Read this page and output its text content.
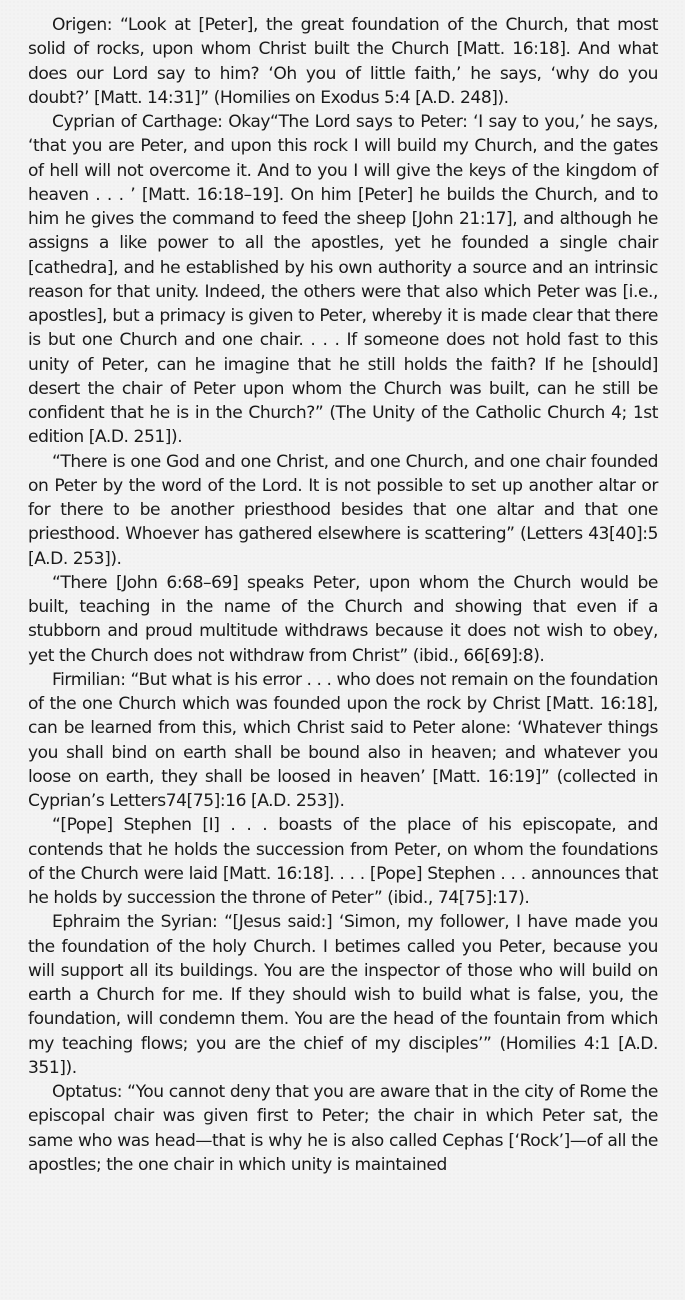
Origen: “Look at [Peter], the great foundation of the Church, that most solid of rocks, upon whom Christ built the Church [Matt. 16:18]. And what does our Lord say to him? ‘Oh you of little faith,’ he says, ‘why do you doubt?’ [Matt. 14:31]” (Homilies on Exodus 5:4 [A.D. 248]).

Cyprian of Carthage: Okay“The Lord says to Peter: ‘I say to you,’ he says, ‘that you are Peter, and upon this rock I will build my Church, and the gates of hell will not overcome it. And to you I will give the keys of the kingdom of heaven . . . ’ [Matt. 16:18–19]. On him [Peter] he builds the Church, and to him he gives the command to feed the sheep [John 21:17], and although he assigns a like power to all the apostles, yet he founded a single chair [cathedra], and he established by his own authority a source and an intrinsic reason for that unity. Indeed, the others were that also which Peter was [i.e., apostles], but a primacy is given to Peter, whereby it is made clear that there is but one Church and one chair. . . . If someone does not hold fast to this unity of Peter, can he imagine that he still holds the faith? If he [should] desert the chair of Peter upon whom the Church was built, can he still be confident that he is in the Church?” (The Unity of the Catholic Church 4; 1st edition [A.D. 251]).

“There is one God and one Christ, and one Church, and one chair founded on Peter by the word of the Lord. It is not possible to set up another altar or for there to be another priesthood besides that one altar and that one priesthood. Whoever has gathered elsewhere is scattering” (Letters 43[40]:5 [A.D. 253]).

“There [John 6:68–69] speaks Peter, upon whom the Church would be built, teaching in the name of the Church and showing that even if a stubborn and proud multitude withdraws because it does not wish to obey, yet the Church does not withdraw from Christ” (ibid., 66[69]:8).

Firmilian: “But what is his error . . . who does not remain on the foundation of the one Church which was founded upon the rock by Christ [Matt. 16:18], can be learned from this, which Christ said to Peter alone: ‘Whatever things you shall bind on earth shall be bound also in heaven; and whatever you loose on earth, they shall be loosed in heaven’ [Matt. 16:19]” (collected in Cyprian’s Letters74[75]:16 [A.D. 253]).

“[Pope] Stephen [I] . . . boasts of the place of his episcopate, and contends that he holds the succession from Peter, on whom the foundations of the Church were laid [Matt. 16:18]. . . . [Pope] Stephen . . . announces that he holds by succession the throne of Peter” (ibid., 74[75]:17).

Ephraim the Syrian: “[Jesus said:] ‘Simon, my follower, I have made you the foundation of the holy Church. I betimes called you Peter, because you will support all its buildings. You are the inspector of those who will build on earth a Church for me. If they should wish to build what is false, you, the foundation, will condemn them. You are the head of the fountain from which my teaching flows; you are the chief of my disciples’” (Homilies 4:1 [A.D. 351]).

Optatus: “You cannot deny that you are aware that in the city of Rome the episcopal chair was given first to Peter; the chair in which Peter sat, the same who was head—that is why he is also called Cephas [‘Rock’]—of all the apostles; the one chair in which unity is maintained
